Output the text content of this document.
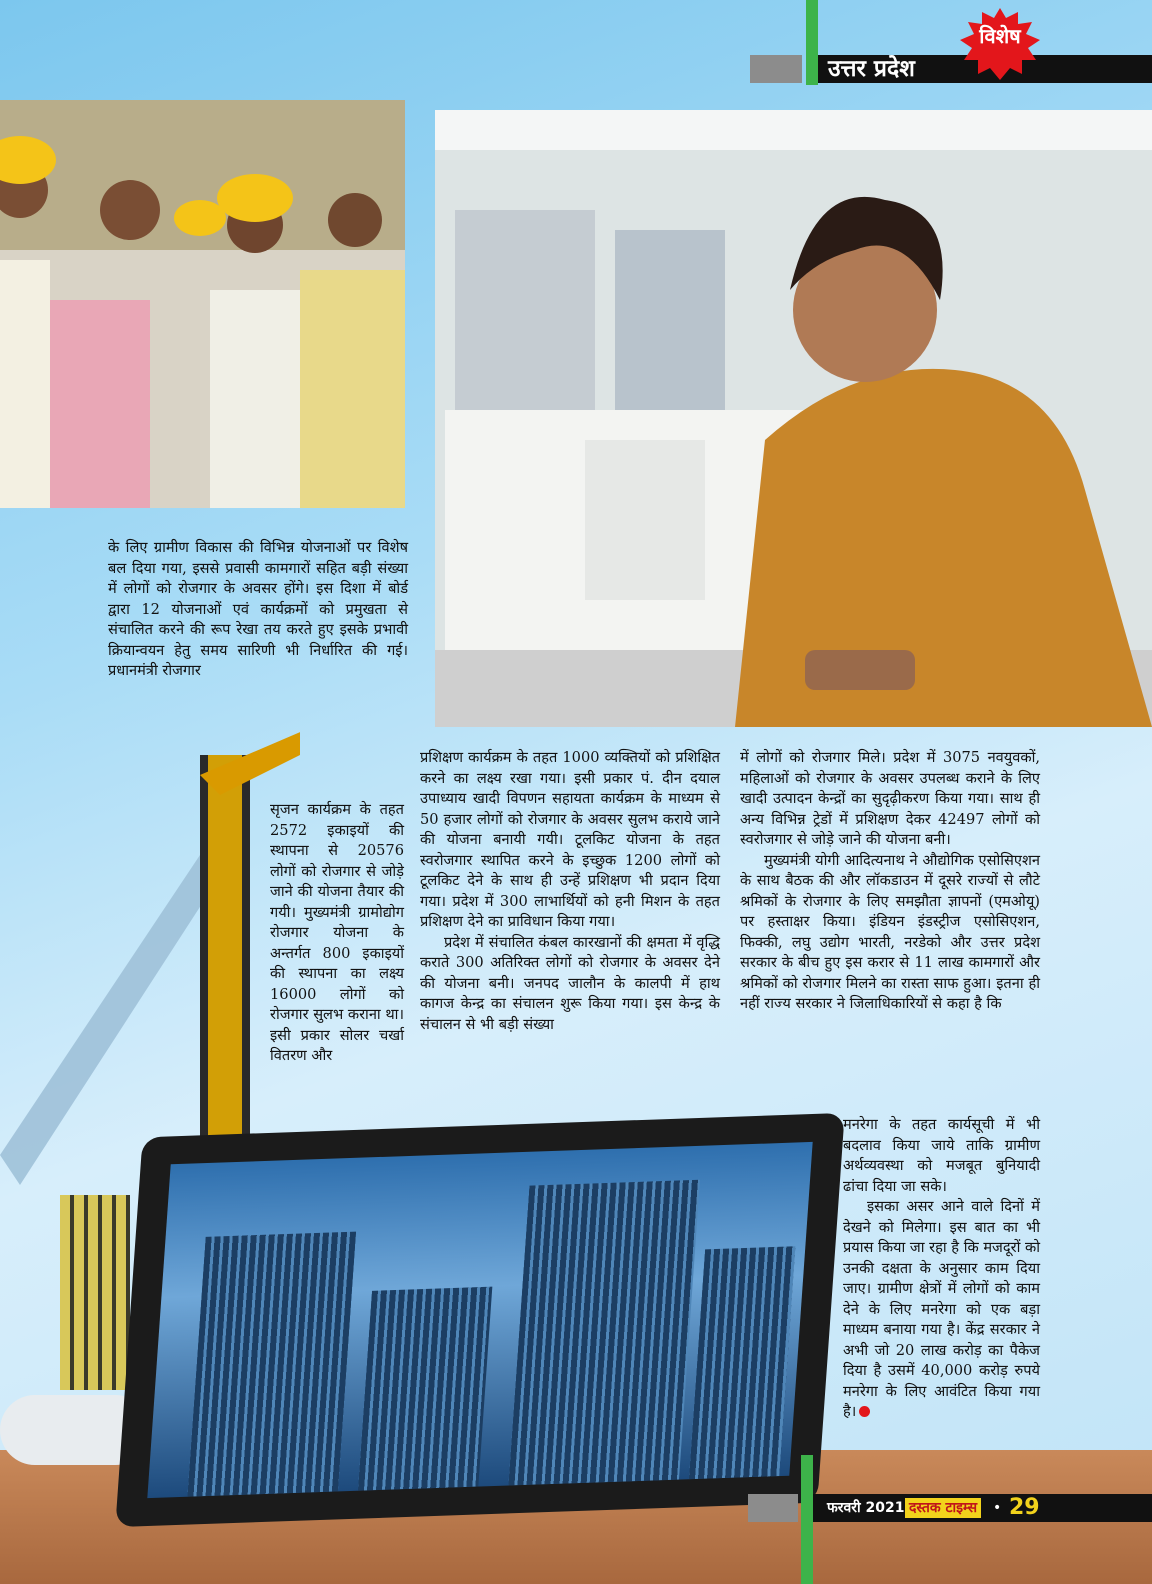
उत्तर प्रदेश
विशेष

के लिए ग्रामीण विकास की विभिन्न योजनाओं पर विशेष बल दिया गया, इससे प्रवासी कामगारों सहित बड़ी संख्या में लोगों को रोजगार के अवसर होंगे। इस दिशा में बोर्ड द्वारा 12 योजनाओं एवं कार्यक्रमों को प्रमुखता से संचालित करने की रूप रेखा तय करते हुए इसके प्रभावी क्रियान्वयन हेतु समय सारिणी भी निर्धारित की गई। प्रधानमंत्री रोजगार

सृजन कार्यक्रम के तहत 2572 इकाइयों की स्थापना से 20576 लोगों को रोजगार से जोड़े जाने की योजना तैयार की गयी। मुख्यमंत्री ग्रामोद्योग रोजगार योजना के अन्तर्गत 800 इकाइयों की स्थापना का लक्ष्य 16000 लोगों को रोजगार सुलभ कराना था। इसी प्रकार सोलर चर्खा वितरण और

प्रशिक्षण कार्यक्रम के तहत 1000 व्यक्तियों को प्रशिक्षित करने का लक्ष्य रखा गया। इसी प्रकार पं. दीन दयाल उपाध्याय खादी विपणन सहायता कार्यक्रम के माध्यम से 50 हजार लोगों को रोजगार के अवसर सुलभ कराये जाने की योजना बनायी गयी। टूलकिट योजना के तहत स्वरोजगार स्थापित करने के इच्छुक 1200 लोगों को टूलकिट देने के साथ ही उन्हें प्रशिक्षण भी प्रदान दिया गया। प्रदेश में 300 लाभार्थियों को हनी मिशन के तहत प्रशिक्षण देने का प्राविधान किया गया।

प्रदेश में संचालित कंबल कारखानों की क्षमता में वृद्धि कराते 300 अतिरिक्त लोगों को रोजगार के अवसर देने की योजना बनी। जनपद जालौन के कालपी में हाथ कागज केन्द्र का संचालन शुरू किया गया। इस केन्द्र के संचालन से भी बड़ी संख्या

में लोगों को रोजगार मिले। प्रदेश में 3075 नवयुवकों, महिलाओं को रोजगार के अवसर उपलब्ध कराने के लिए खादी उत्पादन केन्द्रों का सुदृढ़ीकरण किया गया। साथ ही अन्य विभिन्न ट्रेडों में प्रशिक्षण देकर 42497 लोगों को स्वरोजगार से जोड़े जाने की योजना बनी।

मुख्यमंत्री योगी आदित्यनाथ ने औद्योगिक एसोसिएशन के साथ बैठक की और लॉकडाउन में दूसरे राज्यों से लौटे श्रमिकों के रोजगार के लिए समझौता ज्ञापनों (एमओयू) पर हस्ताक्षर किया। इंडियन इंडस्ट्रीज एसोसिएशन, फिक्की, लघु उद्योग भारती, नरडेको और उत्तर प्रदेश सरकार के बीच हुए इस करार से 11 लाख कामगारों और श्रमिकों को रोजगार मिलने का रास्ता साफ हुआ। इतना ही नहीं राज्य सरकार ने जिलाधिकारियों से कहा है कि

मनरेगा के तहत कार्यसूची में भी बदलाव किया जाये ताकि ग्रामीण अर्थव्यवस्था को मजबूत बुनियादी ढांचा दिया जा सके।

इसका असर आने वाले दिनों में देखने को मिलेगा। इस बात का भी प्रयास किया जा रहा है कि मजदूरों को उनकी दक्षता के अनुसार काम दिया जाए। ग्रामीण क्षेत्रों में लोगों को काम देने के लिए मनरेगा को एक बड़ा माध्यम बनाया गया है। केंद्र सरकार ने अभी जो 20 लाख करोड़ का पैकेज दिया है उसमें 40,000 करोड़ रुपये मनरेगा के लिए आवंटित किया गया है।

फरवरी 2021 दस्तक टाइम्स • 29
